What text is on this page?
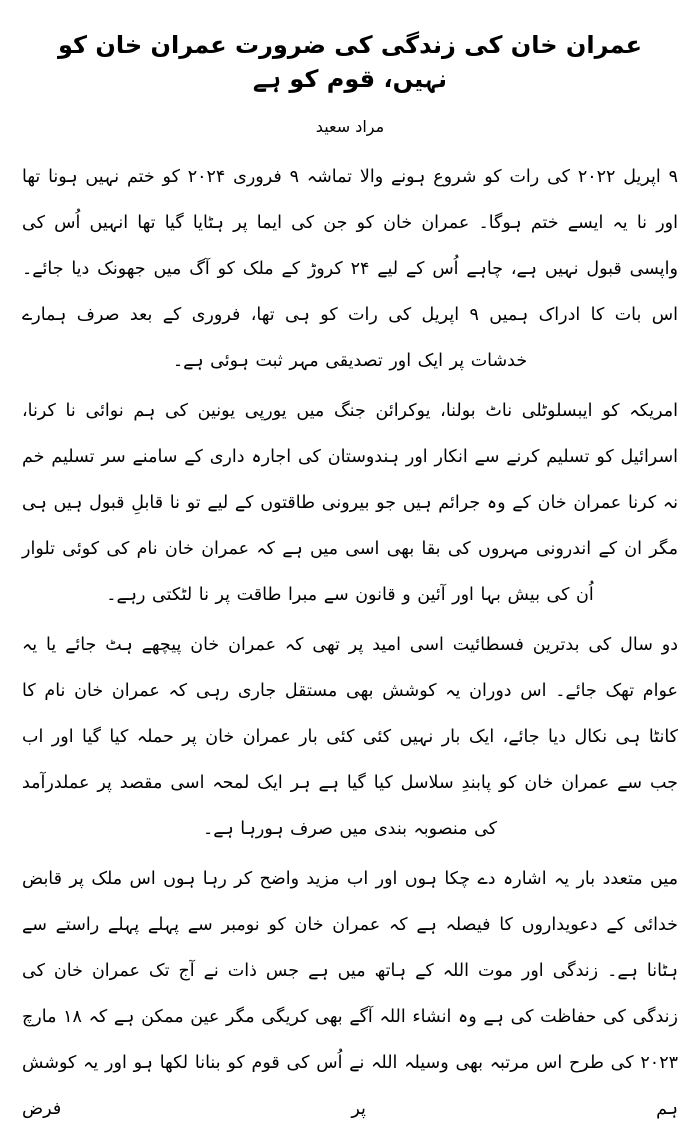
عمران خان کی زندگی کی ضرورت عمران خان کو نہیں، قوم کو ہے
مراد سعید

۹ اپریل ۲۰۲۲ کی رات کو شروع ہونے والا تماشہ ۹ فروری ۲۰۲۴ کو ختم نہیں ہونا تھا اور نا یہ ایسے ختم ہوگا۔ عمران خان کو جن کی ایما پر ہٹایا گیا تھا انہیں اُس کی واپسی قبول نہیں ہے، چاہے اُس کے لیے ۲۴ کروڑ کے ملک کو آگ میں جھونک دیا جائے۔ اس بات کا ادراک ہمیں ۹ اپریل کی رات کو ہی تھا، فروری کے بعد صرف ہمارے خدشات پر ایک اور تصدیقی مہر ثبت ہوئی ہے۔

امریکہ کو ایبسلوٹلی ناٹ بولنا، یوکرائن جنگ میں یورپی یونین کی ہم نوائی نا کرنا، اسرائیل کو تسلیم کرنے سے انکار اور ہندوستان کی اجارہ داری کے سامنے سر تسلیم خم نہ کرنا عمران خان کے وہ جرائم ہیں جو بیرونی طاقتوں کے لیے تو نا قابلِ قبول ہیں ہی مگر ان کے اندرونی مہروں کی بقا بھی اسی میں ہے کہ عمران خان نام کی کوئی تلوار اُن کی بیش بہا اور آئین و قانون سے مبرا طاقت پر نا لٹکتی رہے۔

دو سال کی بدترین فسطائیت اسی امید پر تھی کہ عمران خان پیچھے ہٹ جائے یا یہ عوام تھک جائے۔ اس دوران یہ کوشش بھی مستقل جاری رہی کہ عمران خان نام کا کانٹا ہی نکال دیا جائے، ایک بار نہیں کئی کئی بار عمران خان پر حملہ کیا گیا اور اب جب سے عمران خان کو پابندِ سلاسل کیا گیا ہے ہر ایک لمحہ اسی مقصد پر عملدرآمد کی منصوبہ بندی میں صرف ہورہا ہے۔

میں متعدد بار یہ اشارہ دے چکا ہوں اور اب مزید واضح کر رہا ہوں اس ملک پر قابض خدائی کے دعویداروں کا فیصلہ ہے کہ عمران خان کو نومبر سے پہلے پہلے راستے سے ہٹانا ہے۔ زندگی اور موت اللہ کے ہاتھ میں ہے جس ذات نے آج تک عمران خان کی زندگی کی حفاظت کی ہے وہ انشاء اللہ آگے بھی کریگی مگر عین ممکن ہے کہ ۱۸ مارچ ۲۰۲۳ کی طرح اس مرتبہ بھی وسیلہ اللہ نے اُس کی قوم کو بنانا لکھا ہو اور یہ کوشش ہم پر فرض
